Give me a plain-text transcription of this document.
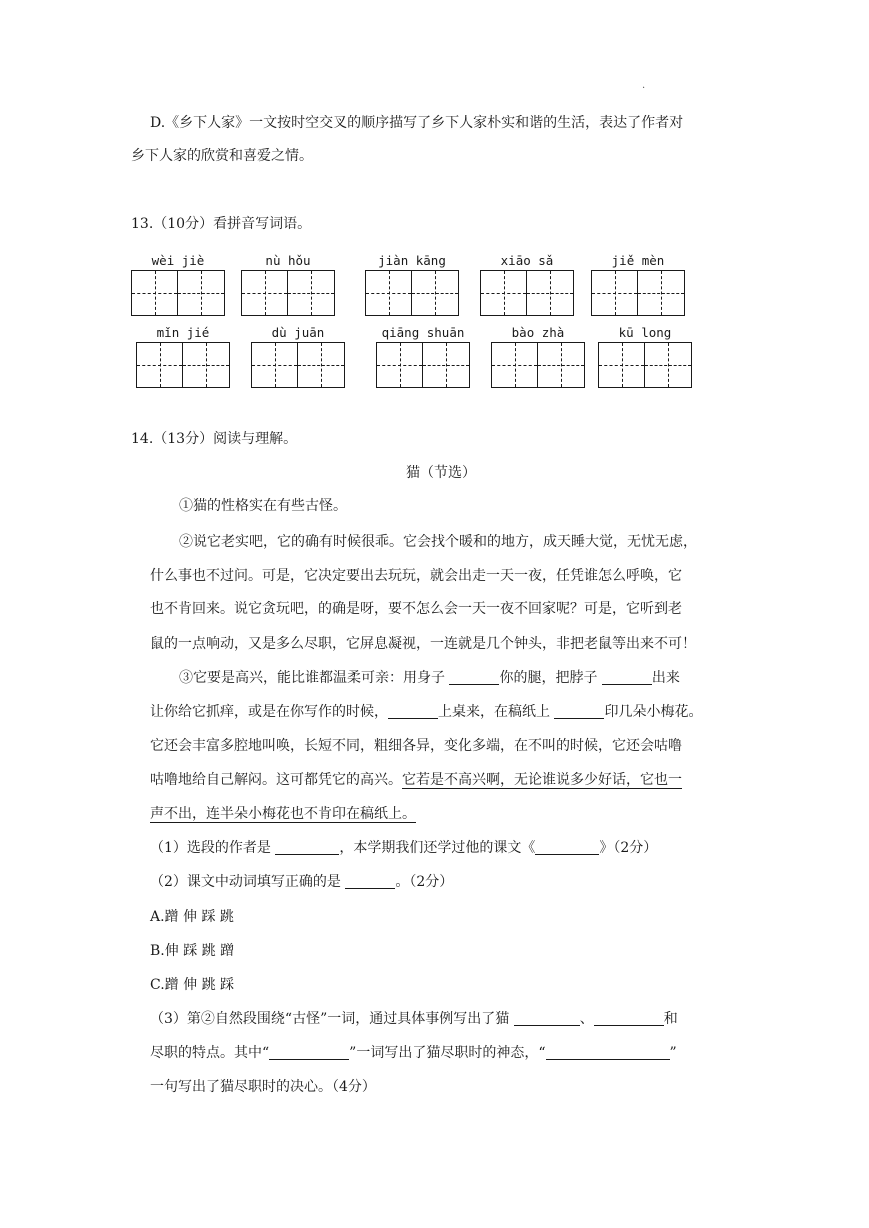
.
D.《乡下人家》一文按时空交叉的顺序描写了乡下人家朴实和谐的生活，表达了作者对
乡下人家的欣赏和喜爱之情。
13.（10分）看拼音写词语。
wèi jiè	nù hǒu	jiàn kāng	xiāo sǎ	jiě mèn
mǐn jié	dù juān	qiāng shuān	bào zhà	kū long
14.（13分）阅读与理解。
猫（节选）
①猫的性格实在有些古怪。
②说它老实吧，它的确有时候很乖。它会找个暖和的地方，成天睡大觉，无忧无虑，
什么事也不过问。可是，它决定要出去玩玩，就会出走一天一夜，任凭谁怎么呼唤，它
也不肯回来。说它贪玩吧，的确是呀，要不怎么会一天一夜不回家呢？可是，它听到老
鼠的一点响动，又是多么尽职，它屏息凝视，一连就是几个钟头，非把老鼠等出来不可！
③它要是高兴，能比谁都温柔可亲：用身子	你的腿，把脖子	出来
让你给它抓痒，或是在你写作的时候，	上桌来，在稿纸上	印几朵小梅花。
它还会丰富多腔地叫唤，长短不同，粗细各异，变化多端，在不叫的时候，它还会咕噜
咕噜地给自己解闷。这可都凭它的高兴。它若是不高兴啊，无论谁说多少好话，它也一
声不出，连半朵小梅花也不肯印在稿纸上。
（1）选段的作者是	，本学期我们还学过他的课文《	》（2分）
（2）课文中动词填写正确的是	。（2分）
A.蹭 伸 踩 跳
B.伸 踩 跳 蹭
C.蹭 伸 跳 踩
（3）第②自然段围绕“古怪”一词，通过具体事例写出了猫	、	和
尽职的特点。其中“	”一词写出了猫尽职时的神态，“	”
一句写出了猫尽职时的决心。（4分）
